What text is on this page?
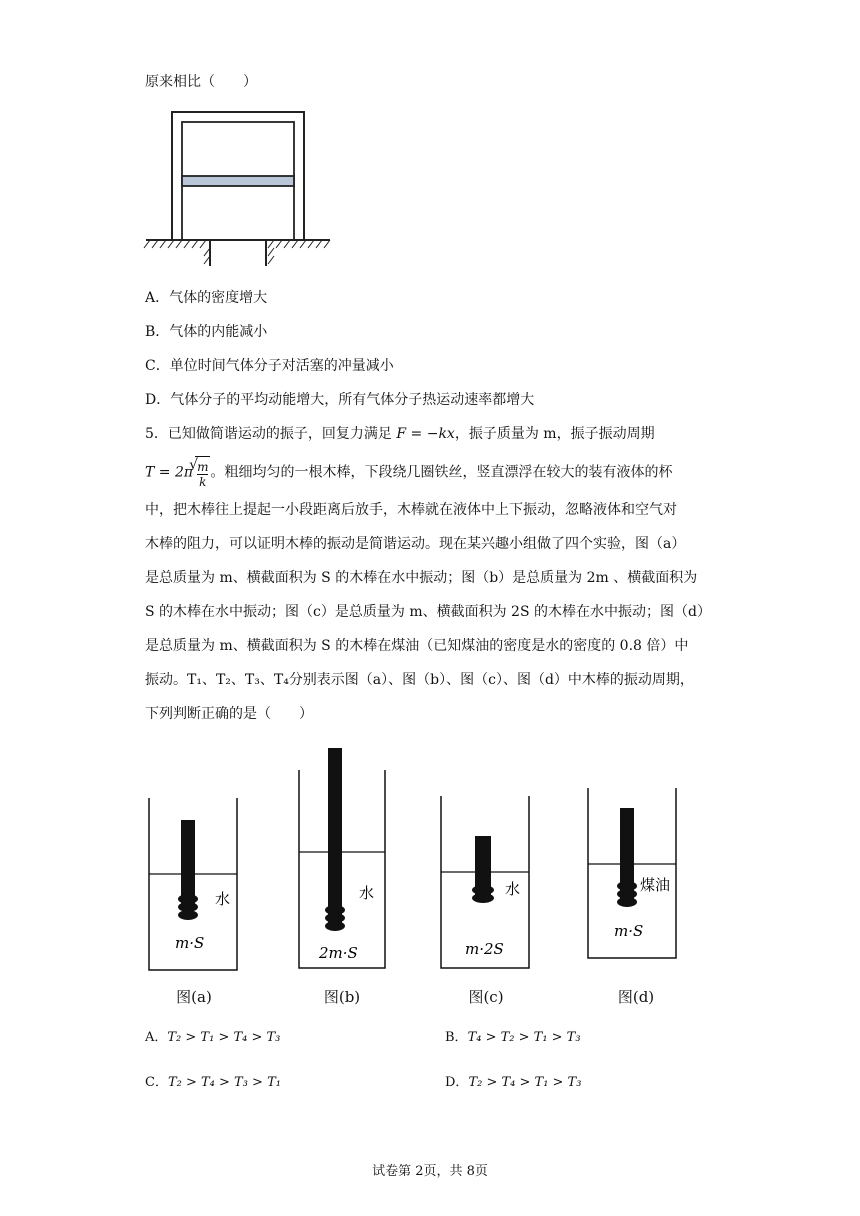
原来相比（　　）
A．气体的密度增大
B．气体的内能减小
C．单位时间气体分子对活塞的冲量减小
D．气体分子的平均动能增大，所有气体分子热运动速率都增大
5．已知做简谐运动的振子，回复力满足 F = −kx，振子质量为 m，振子振动周期
T = 2π
√ $\frac{m}{k}$ 。粗细均匀的一根木棒，下段绕几圈铁丝，竖直漂浮在较大的装有液体的杯
中，把木棒往上提起一小段距离后放手，木棒就在液体中上下振动，忽略液体和空气对
木棒的阻力，可以证明木棒的振动是简谐运动。现在某兴趣小组做了四个实验，图（a）
是总质量为 m、横截面积为 S 的木棒在水中振动；图（b）是总质量为 2m 、横截面积为
S 的木棒在水中振动；图（c）是总质量为 m、横截面积为 2S 的木棒在水中振动；图（d）
是总质量为 m、横截面积为 S 的木棒在煤油（已知煤油的密度是水的密度的 0.8 倍）中
振动。T₁、T₂、T₃、T₄分别表示图（a）、图（b）、图（c）、图（d）中木棒的振动周期，
下列判断正确的是（　　）
水
m·S
图(a)
水
2m·S
图(b)
水
m·2S
图(c)
煤油
m·S
图(d)
A．T₂ > T₁ > T₄ > T₃	B．T₄ > T₂ > T₁ > T₃
C．T₂ > T₄ > T₃ > T₁	D．T₂ > T₄ > T₁ > T₃
试卷第 2页，共 8页
